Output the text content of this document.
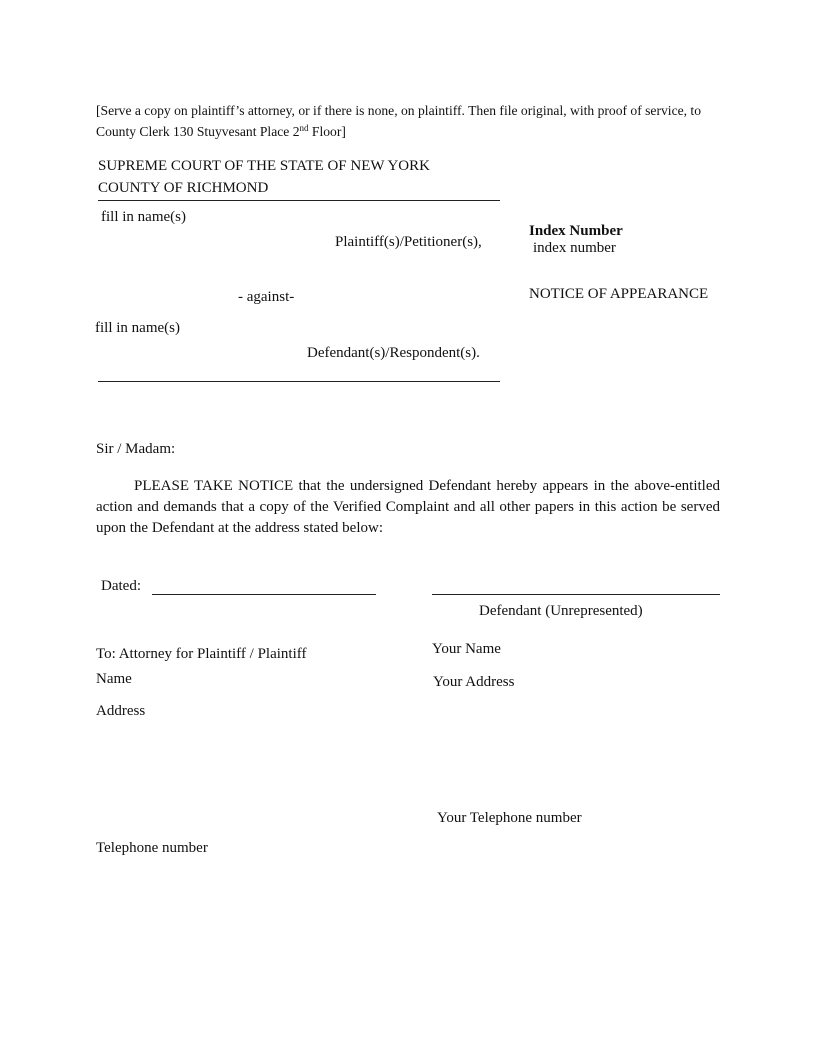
[Serve a copy on plaintiff’s attorney, or if there is none, on plaintiff. Then file original, with proof of service, to County Clerk 130 Stuyvesant Place 2nd Floor]
SUPREME COURT OF THE STATE OF NEW YORK
COUNTY OF RICHMOND
fill in name(s)
Plaintiff(s)/Petitioner(s),
- against-
fill in name(s)
Defendant(s)/Respondent(s).
Index Number
index number
NOTICE OF APPEARANCE
Sir / Madam:
PLEASE TAKE NOTICE that the undersigned Defendant hereby appears in the above-entitled action and demands that a copy of the Verified Complaint and all other papers in this action be served upon the Defendant at the address stated below:
Dated:
Defendant (Unrepresented)
To: Attorney for Plaintiff / Plaintiff
Name
Address
Telephone number
Your Name
Your Address
Your Telephone number
